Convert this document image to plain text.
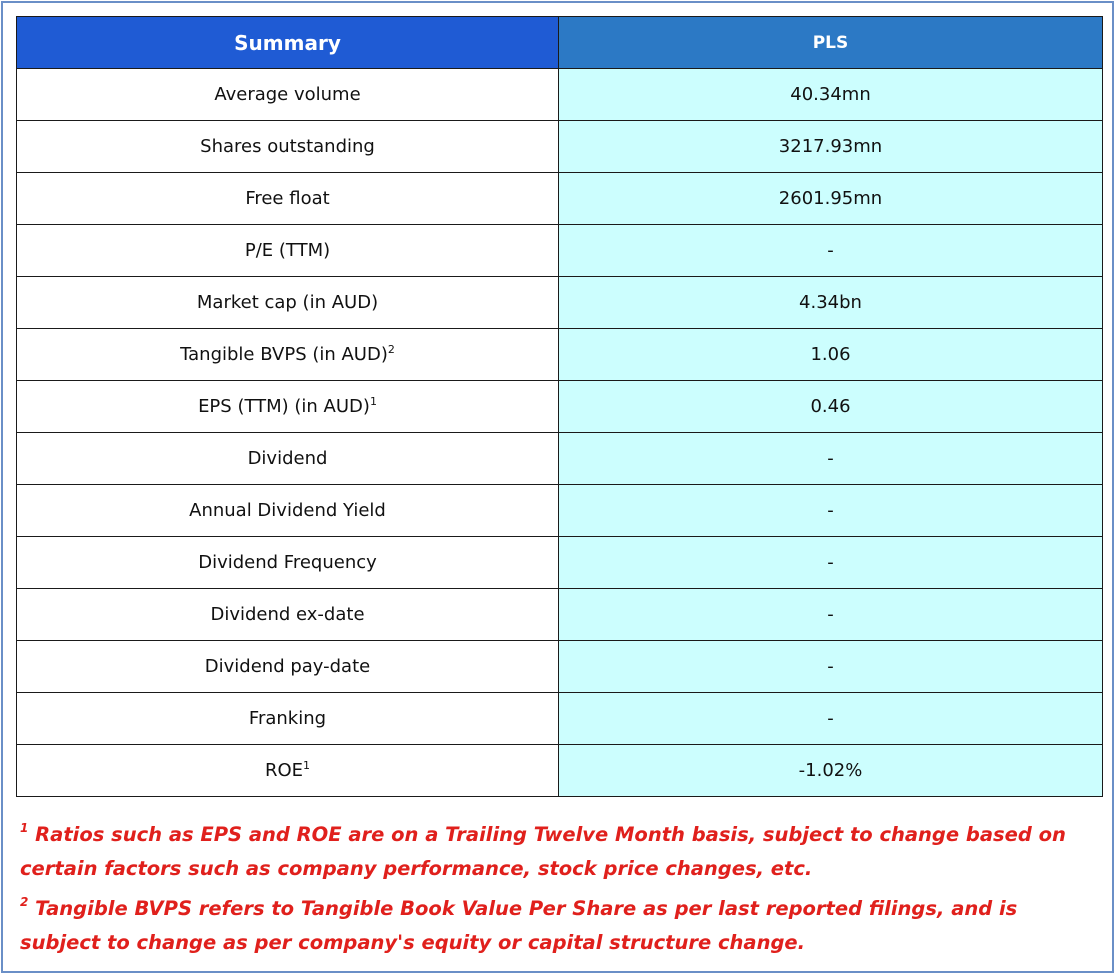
Summary	PLS
Average volume	40.34mn
Shares outstanding	3217.93mn
Free float	2601.95mn
P/E (TTM)	-
Market cap (in AUD)	4.34bn
Tangible BVPS (in AUD)$^2$	1.06
EPS (TTM) (in AUD)$^1$	0.46
Dividend	-
Annual Dividend Yield	-
Dividend Frequency	-
Dividend ex-date	-
Dividend pay-date	-
Franking	-
ROE$^1$	-1.02%

$^1$ Ratios such as EPS and ROE are on a Trailing Twelve Month basis, subject to change based on certain factors such as company performance, stock price changes, etc.

$^2$ Tangible BVPS refers to Tangible Book Value Per Share as per last reported filings, and is subject to change as per company's equity or capital structure change.
